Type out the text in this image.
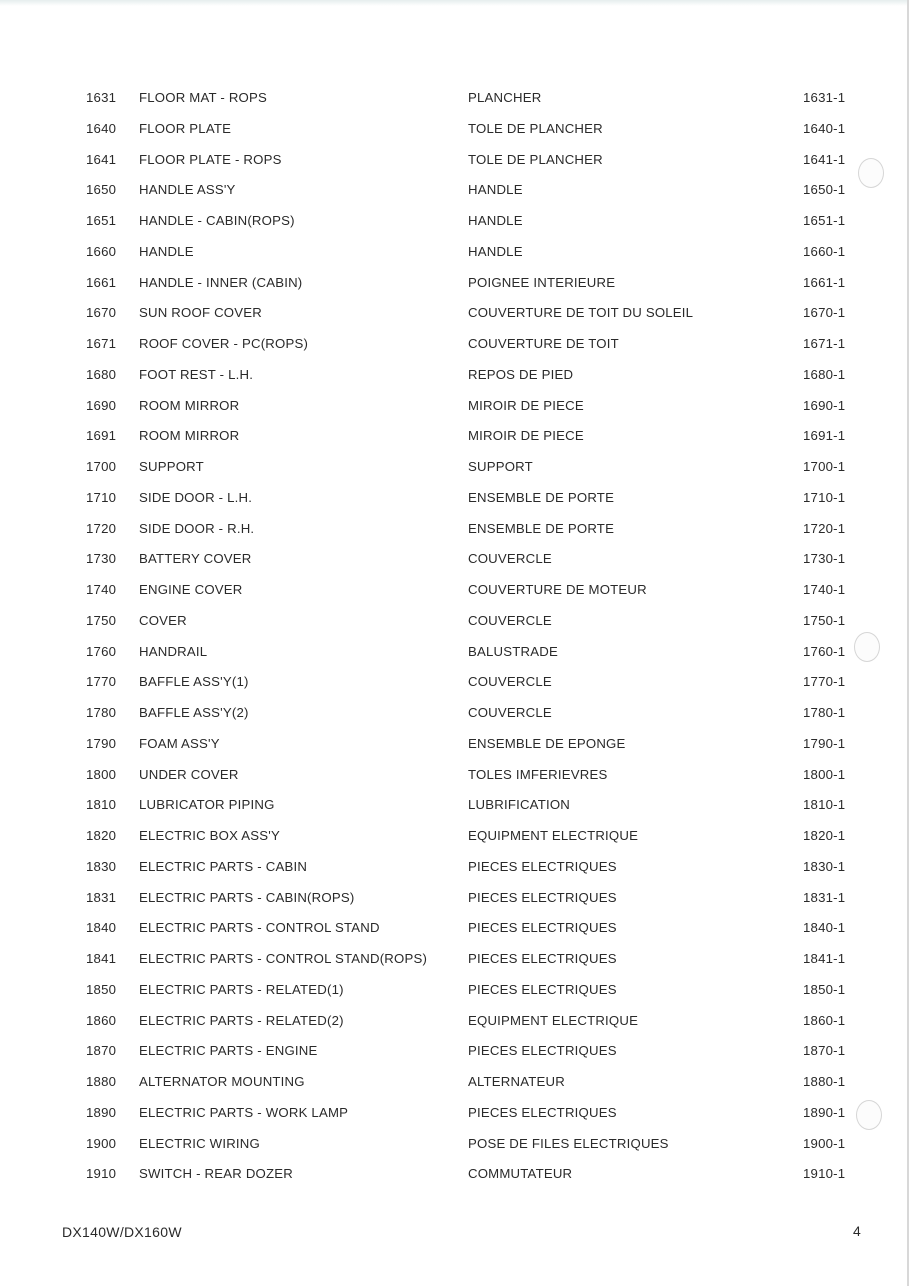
1631	FLOOR MAT - ROPS	PLANCHER	1631-1
1640	FLOOR PLATE	TOLE DE PLANCHER	1640-1
1641	FLOOR PLATE - ROPS	TOLE DE PLANCHER	1641-1
1650	HANDLE ASS'Y	HANDLE	1650-1
1651	HANDLE - CABIN(ROPS)	HANDLE	1651-1
1660	HANDLE	HANDLE	1660-1
1661	HANDLE - INNER (CABIN)	POIGNEE INTERIEURE	1661-1
1670	SUN ROOF COVER	COUVERTURE DE TOIT DU SOLEIL	1670-1
1671	ROOF COVER - PC(ROPS)	COUVERTURE DE TOIT	1671-1
1680	FOOT REST - L.H.	REPOS DE PIED	1680-1
1690	ROOM MIRROR	MIROIR DE PIECE	1690-1
1691	ROOM MIRROR	MIROIR DE PIECE	1691-1
1700	SUPPORT	SUPPORT	1700-1
1710	SIDE DOOR - L.H.	ENSEMBLE DE PORTE	1710-1
1720	SIDE DOOR - R.H.	ENSEMBLE DE PORTE	1720-1
1730	BATTERY COVER	COUVERCLE	1730-1
1740	ENGINE COVER	COUVERTURE DE MOTEUR	1740-1
1750	COVER	COUVERCLE	1750-1
1760	HANDRAIL	BALUSTRADE	1760-1
1770	BAFFLE ASS'Y(1)	COUVERCLE	1770-1
1780	BAFFLE ASS'Y(2)	COUVERCLE	1780-1
1790	FOAM ASS'Y	ENSEMBLE DE EPONGE	1790-1
1800	UNDER COVER	TOLES IMFERIEVRES	1800-1
1810	LUBRICATOR PIPING	LUBRIFICATION	1810-1
1820	ELECTRIC BOX ASS'Y	EQUIPMENT ELECTRIQUE	1820-1
1830	ELECTRIC PARTS - CABIN	PIECES ELECTRIQUES	1830-1
1831	ELECTRIC PARTS - CABIN(ROPS)	PIECES ELECTRIQUES	1831-1
1840	ELECTRIC PARTS - CONTROL STAND	PIECES ELECTRIQUES	1840-1
1841	ELECTRIC PARTS - CONTROL STAND(ROPS)	PIECES ELECTRIQUES	1841-1
1850	ELECTRIC PARTS - RELATED(1)	PIECES ELECTRIQUES	1850-1
1860	ELECTRIC PARTS - RELATED(2)	EQUIPMENT ELECTRIQUE	1860-1
1870	ELECTRIC PARTS - ENGINE	PIECES ELECTRIQUES	1870-1
1880	ALTERNATOR MOUNTING	ALTERNATEUR	1880-1
1890	ELECTRIC PARTS - WORK LAMP	PIECES ELECTRIQUES	1890-1
1900	ELECTRIC WIRING	POSE DE FILES ELECTRIQUES	1900-1
1910	SWITCH - REAR DOZER	COMMUTATEUR	1910-1
DX140W/DX160W	4
